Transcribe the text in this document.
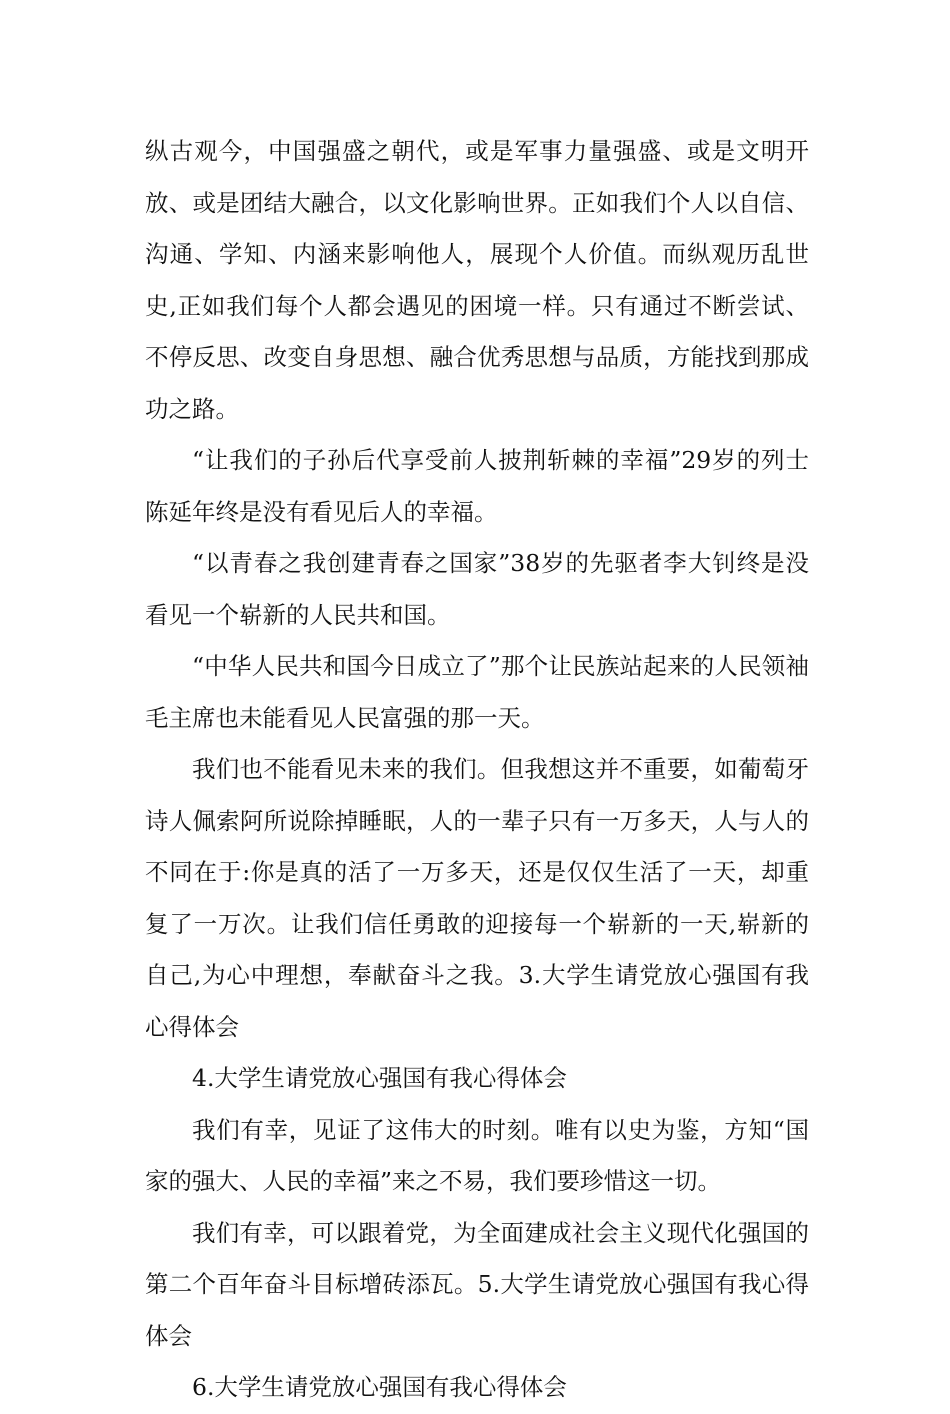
纵古观今，中国强盛之朝代，或是军事力量强盛、或是文明开放、或是团结大融合，以文化影响世界。正如我们个人以自信、沟通、学知、内涵来影响他人，展现个人价值。而纵观历乱世史,正如我们每个人都会遇见的困境一样。只有通过不断尝试、不停反思、改变自身思想、融合优秀思想与品质，方能找到那成功之路。

“让我们的子孙后代享受前人披荆斩棘的幸福”29岁的列士陈延年终是没有看见后人的幸福。

“以青春之我创建青春之国家”38岁的先驱者李大钊终是没看见一个崭新的人民共和国。

“中华人民共和国今日成立了”那个让民族站起来的人民领袖毛主席也未能看见人民富强的那一天。

我们也不能看见未来的我们。但我想这并不重要，如葡萄牙诗人佩索阿所说除掉睡眠，人的一辈子只有一万多天，人与人的不同在于:你是真的活了一万多天，还是仅仅生活了一天，却重复了一万次。让我们信任勇敢的迎接每一个崭新的一天,崭新的自己,为心中理想，奉献奋斗之我。3.大学生请党放心强国有我心得体会

4.大学生请党放心强国有我心得体会

我们有幸，见证了这伟大的时刻。唯有以史为鉴，方知“国家的强大、人民的幸福”来之不易，我们要珍惜这一切。

我们有幸，可以跟着党，为全面建成社会主义现代化强国的第二个百年奋斗目标增砖添瓦。5.大学生请党放心强国有我心得体会

6.大学生请党放心强国有我心得体会
